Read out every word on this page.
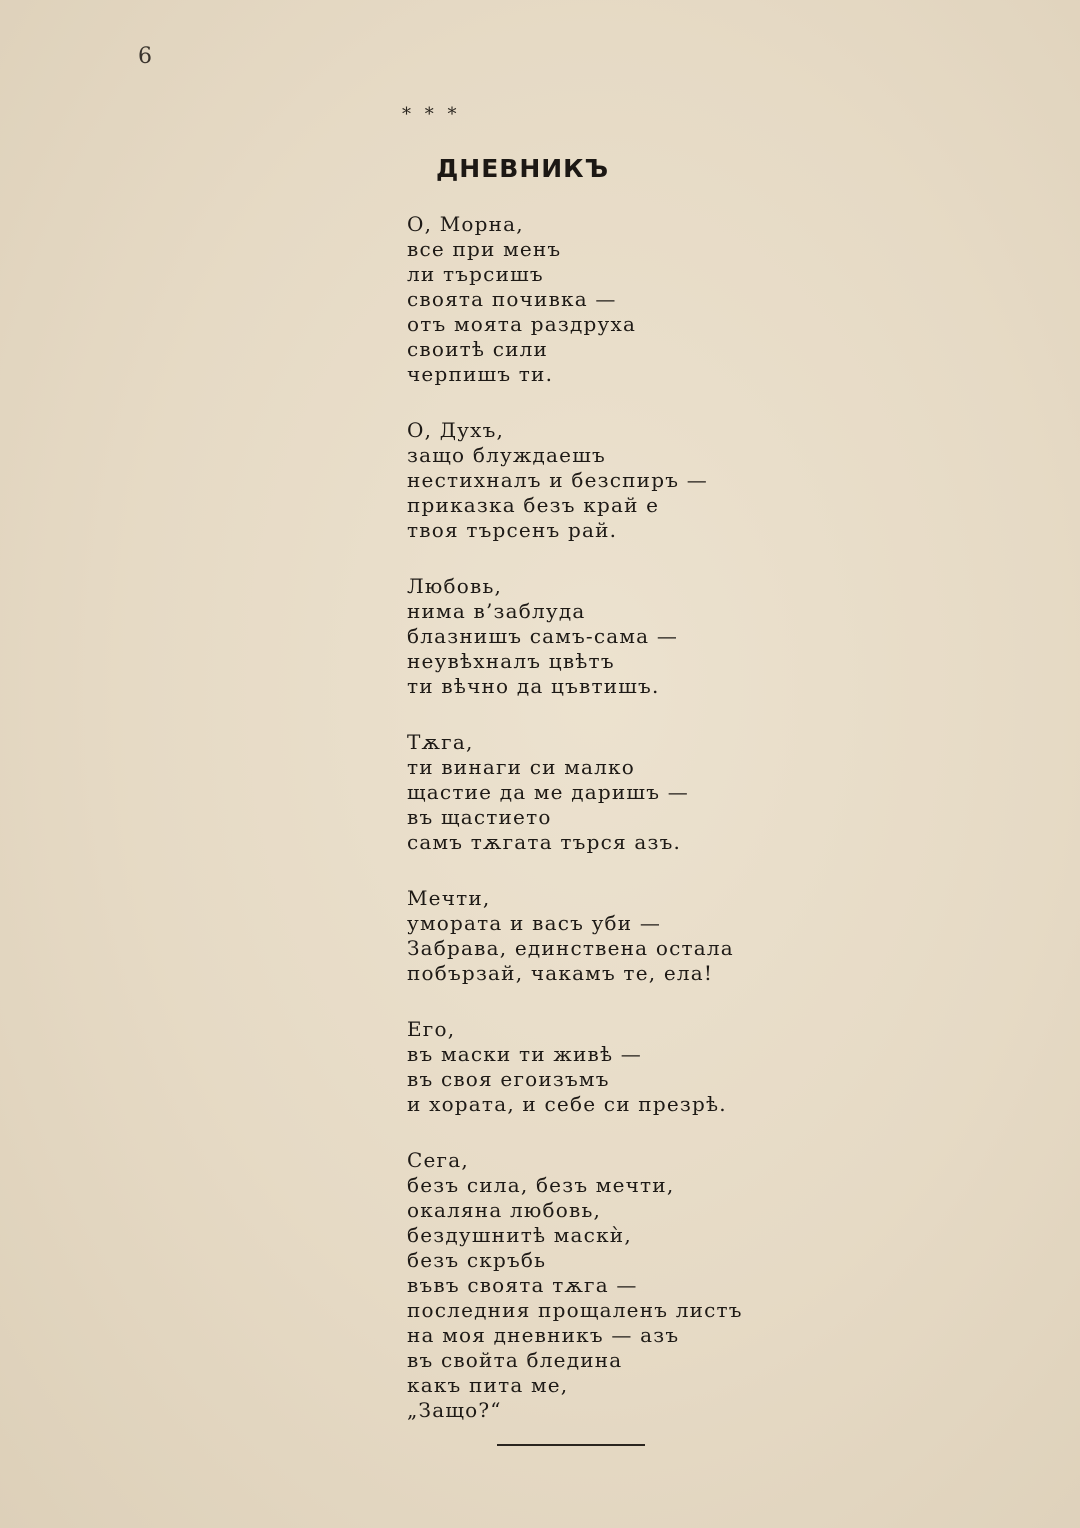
6
* * *
ДНЕВНИКЪ
О, Морна,
все при менъ
ли търсишъ
своята почивка —
отъ моята раздруха
своитѣ сили
черпишъ ти.
О, Духъ,
защо блуждаешъ
нестихналъ и безспиръ —
приказка безъ край е
твоя търсенъ рай.
Любовь,
нима в’заблуда
блазнишъ самъ-сама —
неувѣхналъ цвѣтъ
ти вѣчно да цъвтишъ.
Тѫга,
ти винаги си малко
щастие да ме даришъ —
въ щастието
самъ тѫгата търся азъ.
Мечти,
умората и васъ уби —
Забрава, единствена остала
побързай, чакамъ те, ела!
Его,
въ маски ти живѣ —
въ своя егоизъмъ
и хората, и себе си презрѣ.
Сега,
безъ сила, безъ мечти,
окаляна любовь,
бездушнитѣ маскѝ,
безъ скръбь
въвъ своята тѫга —
последния прощаленъ листъ
на моя дневникъ — азъ
въ свойта бледина
какъ пита ме,
„Защо?“
